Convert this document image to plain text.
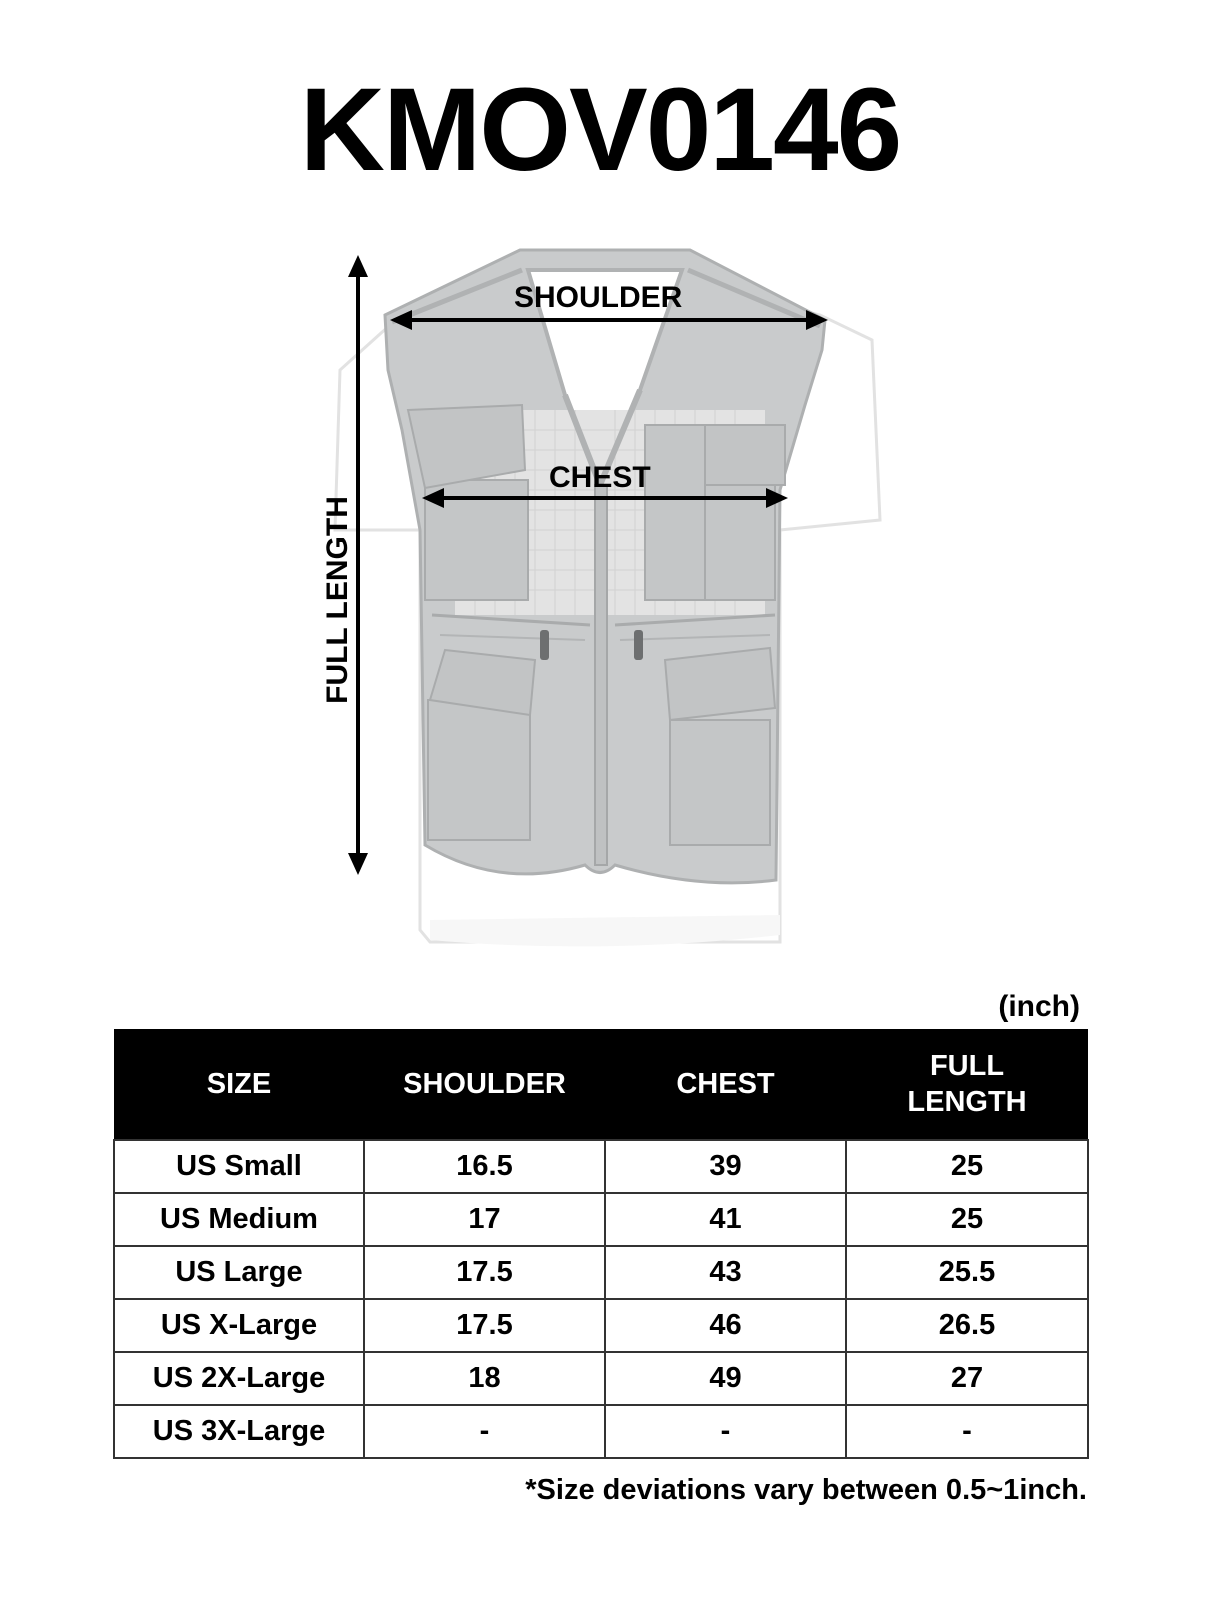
KMOV0146
SHOULDER
CHEST
FULL LENGTH
(inch)
SIZE	SHOULDER	CHEST	FULL LENGTH
US Small	16.5	39	25
US Medium	17	41	25
US Large	17.5	43	25.5
US X-Large	17.5	46	26.5
US 2X-Large	18	49	27
US 3X-Large	-	-	-
*Size deviations vary between 0.5~1inch.
